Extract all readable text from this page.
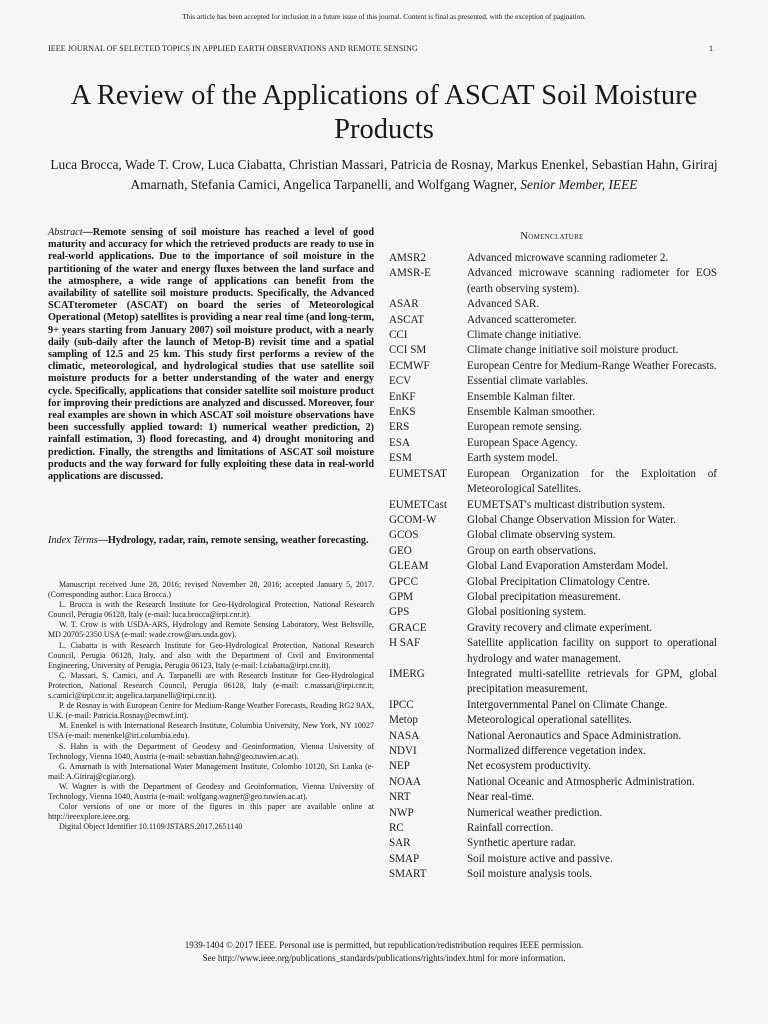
This article has been accepted for inclusion in a future issue of this journal. Content is final as presented, with the exception of pagination.
IEEE JOURNAL OF SELECTED TOPICS IN APPLIED EARTH OBSERVATIONS AND REMOTE SENSING	1
A Review of the Applications of ASCAT Soil Moisture Products
Luca Brocca, Wade T. Crow, Luca Ciabatta, Christian Massari, Patricia de Rosnay, Markus Enenkel, Sebastian Hahn, Giriraj Amarnath, Stefania Camici, Angelica Tarpanelli, and Wolfgang Wagner, Senior Member, IEEE
Abstract—Remote sensing of soil moisture has reached a level of good maturity and accuracy for which the retrieved products are ready to use in real-world applications. Due to the importance of soil moisture in the partitioning of the water and energy fluxes between the land surface and the atmosphere, a wide range of applications can benefit from the availability of satellite soil moisture products. Specifically, the Advanced SCATterometer (ASCAT) on board the series of Meteorological Operational (Metop) satellites is providing a near real time (and long-term, 9+ years starting from January 2007) soil moisture product, with a nearly daily (sub-daily after the launch of Metop-B) revisit time and a spatial sampling of 12.5 and 25 km. This study first performs a review of the climatic, meteorological, and hydrological studies that use satellite soil moisture products for a better understanding of the water and energy cycle. Specifically, applications that consider satellite soil moisture product for improving their predictions are analyzed and discussed. Moreover, four real examples are shown in which ASCAT soil moisture observations have been successfully applied toward: 1) numerical weather prediction, 2) rainfall estimation, 3) flood forecasting, and 4) drought monitoring and prediction. Finally, the strengths and limitations of ASCAT soil moisture products and the way forward for fully exploiting these data in real-world applications are discussed.
Index Terms—Hydrology, radar, rain, remote sensing, weather forecasting.

Manuscript received June 28, 2016; revised November 28, 2016; accepted January 5, 2017. (Corresponding author: Luca Brocca.)

L. Brocca is with the Research Institute for Geo-Hydrological Protection, National Research Council, Perugia 06128, Italy (e-mail: luca.brocca@irpi.cnr.it).

W. T. Crow is with USDA-ARS, Hydrology and Remote Sensing Laboratory, West Beltsville, MD 20705-2350 USA (e-mail: wade.crow@ars.usda.gov).

L. Ciabatta is with Research Institute for Geo-Hydrological Protection, National Research Council, Perugia 06128, Italy, and also with the Department of Civil and Environmental Engineering, University of Perugia, Perugia 06123, Italy (e-mail: l.ciabatta@irpi.cnr.it).

C. Massari, S. Camici, and A. Tarpanelli are with Research Institute for Geo-Hydrological Protection, National Research Council, Perugia 06128, Italy (e-mail: c.massari@irpi.cnr.it; s.camici@irpi.cnr.it; angelica.tarpanelli@irpi.cnr.it).

P. de Rosnay is with European Centre for Medium-Range Weather Forecasts, Reading RG2 9AX, U.K. (e-mail: Patricia.Rosnay@ecmwf.int).

M. Enenkel is with International Research Institute, Columbia University, New York, NY 10027 USA (e-mail: menenkel@iri.columbia.edu).

S. Hahn is with the Department of Geodesy and Geoinformation, Vienna University of Technology, Vienna 1040, Austria (e-mail: sebastian.hahn@geo.tuwien.ac.at).

G. Amarnath is with International Water Management Institute, Colombo 10120, Sri Lanka (e-mail: A.Giriraj@cgiar.org).

W. Wagner is with the Department of Geodesy and Geoinformation, Vienna University of Technology, Vienna 1040, Austria (e-mail: wolfgang.wagner@geo.tuwien.ac.at).

Color versions of one or more of the figures in this paper are available online at http://ieeexplore.ieee.org.

Digital Object Identifier 10.1109/JSTARS.2017.2651140

Nomenclature
AMSR2	Advanced microwave scanning radiometer 2.
AMSR-E	Advanced microwave scanning radiometer for EOS (earth observing system).
ASAR	Advanced SAR.
ASCAT	Advanced scatterometer.
CCI	Climate change initiative.
CCI SM	Climate change initiative soil moisture product.
ECMWF	European Centre for Medium-Range Weather Forecasts.
ECV	Essential climate variables.
EnKF	Ensemble Kalman filter.
EnKS	Ensemble Kalman smoother.
ERS	European remote sensing.
ESA	European Space Agency.
ESM	Earth system model.
EUMETSAT	European Organization for the Exploitation of Meteorological Satellites.
EUMETCast	EUMETSAT's multicast distribution system.
GCOM-W	Global Change Observation Mission for Water.
GCOS	Global climate observing system.
GEO	Group on earth observations.
GLEAM	Global Land Evaporation Amsterdam Model.
GPCC	Global Precipitation Climatology Centre.
GPM	Global precipitation measurement.
GPS	Global positioning system.
GRACE	Gravity recovery and climate experiment.
H SAF	Satellite application facility on support to operational hydrology and water management.
IMERG	Integrated multi-satellite retrievals for GPM, global precipitation measurement.
IPCC	Intergovernmental Panel on Climate Change.
Metop	Meteorological operational satellites.
NASA	National Aeronautics and Space Administration.
NDVI	Normalized difference vegetation index.
NEP	Net ecosystem productivity.
NOAA	National Oceanic and Atmospheric Administration.
NRT	Near real-time.
NWP	Numerical weather prediction.
RC	Rainfall correction.
SAR	Synthetic aperture radar.
SMAP	Soil moisture active and passive.
SMART	Soil moisture analysis tools.
1939-1404 © 2017 IEEE. Personal use is permitted, but republication/redistribution requires IEEE permission.
See http://www.ieee.org/publications_standards/publications/rights/index.html for more information.
